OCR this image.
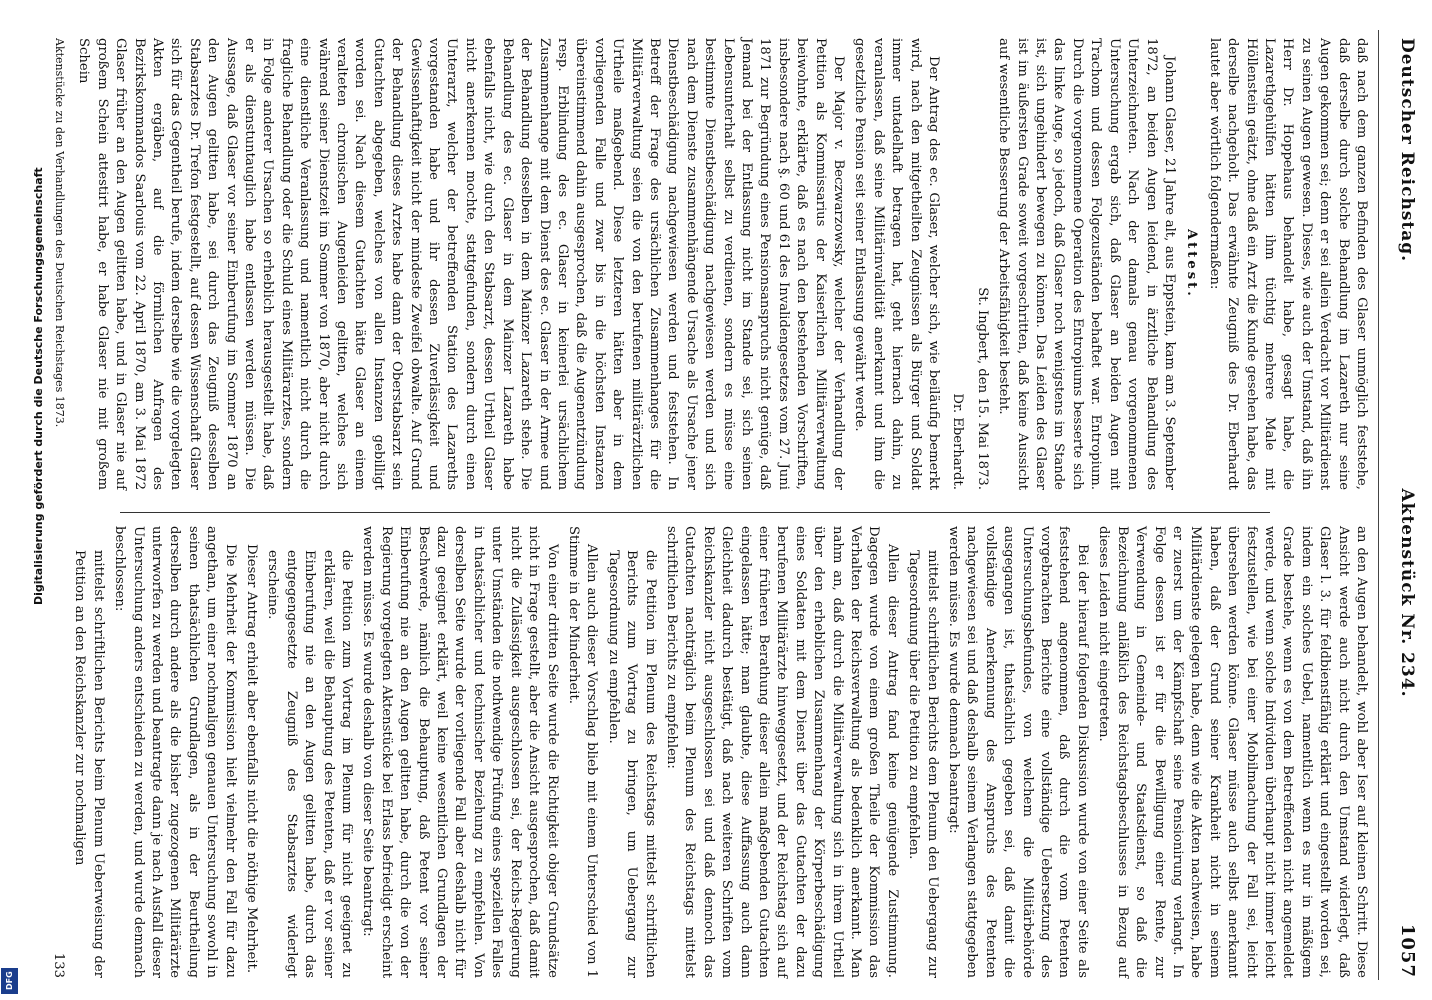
Deutscher Reichstag.
Aktenstück Nr. 234.
1057

daß nach dem ganzen Befinden des Glaser unmöglich feststehe, daß derselbe durch solche Behandlung im Lazareth nur seine Augen gekommen sei; denn er sei allein Verdacht vor Militärdienst zu seinen Augen gewesen. Dieses, wie auch der Umstand, daß ihn Herr Dr. Hoppehaus behandelt habe, gesagt habe, die Lazarethgehülfen hätten ihm tüchtig mehrere Male mit Höllenstein geätzt, ohne daß ein Arzt die Kunde gesehen habe, das derselbe nachgeholt. Das erwähnte Zeugniß des Dr. Eberhardt lautet aber wörtlich folgendermaßen:

Attest.

Johann Glaser, 21 Jahre alt, aus Eppstein, kam am 3. September 1872, an beiden Augen leidend, in ärztliche Behandlung des Unterzeichneten. Nach der damals genau vorgenommenen Untersuchung ergab sich, daß Glaser an beiden Augen mit Trachom und dessen Folgezuständen behaftet war. Entropium. Durch die vorgenommene Operation des Entropiums besserte sich das linke Auge, so jedoch, daß Glaser noch wenigstens im Stande ist, sich ungehindert bewegen zu können. Das Leiden des Glaser ist im äußersten Grade soweit vorgeschritten, daß keine Aussicht auf wesentliche Besserung der Arbeitsfähigkeit besteht.

St. Ingbert, den 15. Mai 1873.

Dr. Eberhardt.

Der Antrag des ec. Glaser, welcher sich, wie beiläufig bemerkt wird, nach den mitgetheilten Zeugnissen als Bürger und Soldat immer untadelhaft betragen hat, geht hiernach dahin, zu veranlassen, daß seine Militärinvalidität anerkannt und ihm die gesetzliche Pension seit seiner Entlassung gewährt werde.

Der Major v. Beczwarzowsky, welcher der Verhandlung der Petition als Kommissarius der Kaiserlichen Militärverwaltung beiwohnte, erklärte, daß es nach den bestehenden Vorschriften, insbesondere nach §. 60 und 61 des Invalidengesetzes vom 27. Juni 1871 zur Begründung eines Pensionsanspruchs nicht genüge, daß Jemand bei der Entlassung nicht im Stande sei, sich seinen Lebensunterhalt selbst zu verdienen, sondern es müsse eine bestimmte Dienstbeschädigung nachgewiesen werden und sich nach dem Dienste zusammenhängende Ursache als Ursache jener Dienstbeschädigung nachgewiesen werden und feststehen. In Betreff der Frage des ursächlichen Zusammenhanges für die Militärverwaltung seien die von den berufenen militärärztlichen Urtheile maßgebend. Diese letzteren hätten aber in dem vorliegenden Falle und zwar bis in die höchsten Instanzen übereinstimmend dahin ausgesprochen, daß die Augenentzündung resp. Erblindung des ec. Glaser in keinerlei ursächlichem Zusammenhange mit dem Dienst des ec. Glaser in der Armee und der Behandlung desselben in dem Mainzer Lazareth stehe. Die Behandlung des ec. Glaser in dem Mainzer Lazareth habe ebenfalls nicht, wie durch den Stabsarzt, dessen Urtheil Glaser nicht anerkennen mochte, stattgefunden, sondern durch einen Unterarzt, welcher der betreffenden Station des Lazareths vorgestanden habe und ihr dessen Zuverlässigkeit und Gewissenhaftigkeit nicht der mindeste Zweifel obwalte. Auf Grund der Behandlung dieses Arztes habe dann der Oberstabsarzt sein Gutachten abgegeben, welches von allen Instanzen gebilligt worden sei. Nach diesem Gutachten hätte Glaser an einem veralteten chronischen Augenleiden gelitten, welches sich während seiner Dienstzeit im Sommer von 1870, aber nicht durch eine dienstliche Veranlassung und namentlich nicht durch die fragliche Behandlung oder die Schuld eines Militärarztes, sondern in Folge anderer Ursachen so erheblich herausgestellt habe, daß er als dienstuntauglich habe entlassen werden müssen. Die Aussage, daß Glaser vor seiner Einberufung im Sommer 1870 an den Augen gelitten habe, sei durch das Zeugniß desselben Stabsarztes Dr. Trefon festgestellt, auf dessen Wissenschaft Glaser sich für das Gegentheil berufe, indem derselbe wie die vorgelegten Akten ergäben, auf die förmlichen Anfragen des Bezirkskommandos Saarlouis vom 22. April 1870, am 3. Mai 1872 Glaser früher an den Augen gelitten habe, und in Glaser nie auf großem Schein attestirt habe, er habe Glaser nie mit großem Schein

Aktenstücke zu den Verhandlungen des Deutschen Reichstages 1873.

an den Augen behandelt, wohl aber Iser auf kleinen Schritt. Diese Ansicht werde auch nicht durch den Umstand widerlegt, daß Glaser l. 3. für feldbienstfähig erklärt und eingestellt worden sei, indem ein solches Uebel, namentlich wenn es nur in mäßigem Grade bestehe, wenn es von dem Betreffenden nicht angemeldet werde, und wenn solche Individuen überhaupt nicht immer leicht festzustellen, wie bei einer Mobilmachung der Fall sei, leicht übersehen werden könne. Glaser müsse auch selbst anerkannt haben, daß der Grund seiner Krankheit nicht in seinem Militärdienste gelegen habe, denn wie die Akten nachweisen, habe er zuerst um der Kämpfschaft seine Pensionirung verlangt. In Folge dessen ist er für die Bewilligung einer Rente, zur Verwendung in Gemeinde- und Staatsdienst, so daß die Bezeichnung anläßlich des Reichstagsbeschlusses in Bezug auf dieses Leiden nicht eingetreten.

Bei der hierauf folgenden Diskussion wurde von einer Seite als feststehend angenommen, daß durch die vom Petenten vorgebrachten Berichte eine vollständige Uebersetzung des Untersuchungsbefundes, von welchem die Militärbehörde ausgegangen ist, thatsächlich gegeben sei, daß damit die vollständige Anerkennung des Anspruchs des Petenten nachgewiesen sei und daß deshalb seinem Verlangen stattgegeben werden müsse. Es wurde demnach beantragt:

mittelst schriftlichen Berichts dem Plenum den Uebergang zur Tagesordnung über die Petition zu empfehlen.

Allein dieser Antrag fand keine genügende Zustimmung. Dagegen wurde von einem großen Theile der Kommission das Verhalten der Reichsverwaltung als bedenklich anerkannt. Man nahm an, daß durch die Militärverwaltung sich in ihrem Urtheil über den erheblichen Zusammenhang der Körperbeschädigung eines Soldaten mit dem Dienst über das Gutachten der dazu berufenen Militärärzte hinweggesetzt, und der Reichstag sich auf einer früheren Berathung dieser allein maßgebenden Gutachten eingelassen hätte; man glaubte, diese Auffassung auch dann Gleichheit dadurch bestätigt, daß nach weiteren Schriften vom Reichskanzler nicht ausgeschlossen sei und daß dennoch das Gutachten nachträglich beim Plenum des Reichstags mittelst schriftlichen Berichts zu empfehlen:

die Petition im Plenum des Reichstags mittelst schriftlichen Berichts zum Vortrag zu bringen, um Uebergang zur Tagesordnung zu empfehlen.

Allein auch dieser Vorschlag blieb mit einem Unterschied von 1 Stimme in der Minderheit.

Von einer dritten Seite wurde die Richtigkeit obiger Grundsätze nicht in Frage gestellt, aber die Ansicht ausgesprochen, daß damit nicht die Zulässigkeit ausgeschlossen sei, der Reichs-Regierung unter Umständen die nothwendige Prüfung eines speziellen Falles in thatsächlicher und technischer Beziehung zu empfehlen. Von derselben Seite wurde der vorliegende Fall aber deshalb nicht für dazu geeignet erklärt, weil keine wesentlichen Grundlagen der Beschwerde, nämlich die Behauptung, daß Petent vor seiner Einberufung nie an den Augen gelitten habe, durch die von der Regierung vorgelegten Aktenstücke bei Erlass befriedigt erscheint werden müsse. Es wurde deshalb von dieser Seite beantragt:

die Petition zum Vortrag im Plenum für nicht geeignet zu erklären, weil die Behauptung des Petenten, daß er vor seiner Einberufung nie an den Augen gelitten habe, durch das entgegengesetzte Zeugniß des Stabsarztes widerlegt erscheine.

Dieser Antrag erhielt aber ebenfalls nicht die nöthige Mehrheit.

Die Mehrheit der Kommission hielt vielmehr den Fall für dazu angethan, um einer nochmaligen genauen Untersuchung sowohl in seinen thatsächlichen Grundlagen, als in der Beurtheilung derselben durch andere als die bisher zugezogenen Militärärzte unterworfen zu werden und beantragte dann je nach Ausfall dieser Untersuchung anders entschieden zu werden, und wurde demnach beschlossen:

mittelst schriftlichen Berichts beim Plenum Ueberweisung der Petition an den Reichskanzler zur nochmaligen

133

Digitalisierung gefördert durch die Deutsche Forschungsgemeinschaft
DFG
